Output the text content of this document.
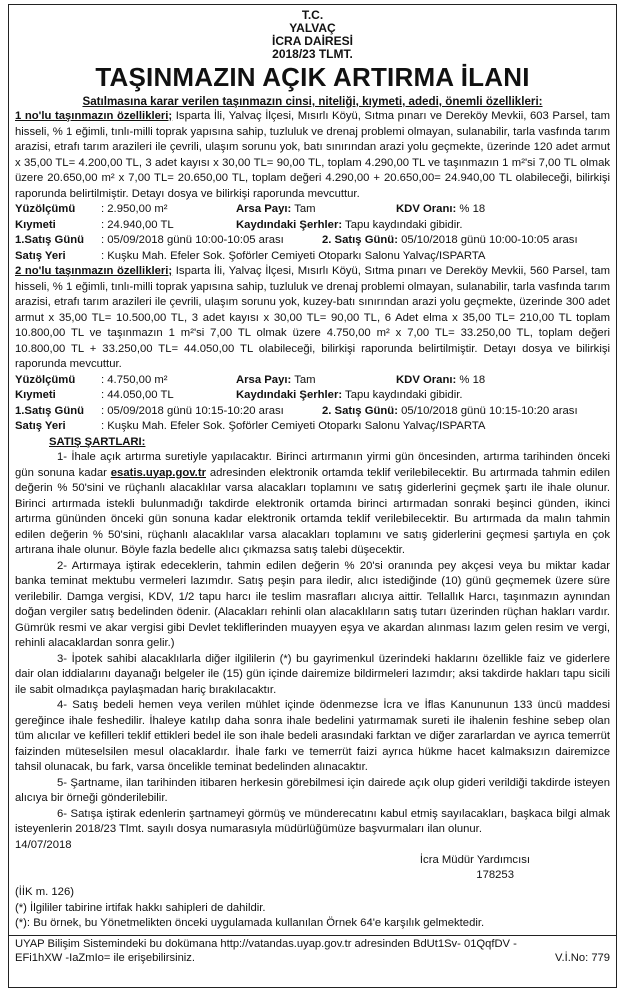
T.C.
YALVAÇ
İCRA DAİRESİ
2018/23 TLMT.
TAŞINMAZIN AÇIK ARTIRMA İLANI
Satılmasına karar verilen taşınmazın cinsi, niteliği, kıymeti, adedi, önemli özellikleri:

1 no'lu taşınmazın özellikleri; Isparta İli, Yalvaç İlçesi, Mısırlı Köyü, Sıtma pınarı ve Dereköy Mevkii, 603 Parsel, tam hisseli, % 1 eğimli, tınlı-milli toprak yapısına sahip, tuzluluk ve drenaj problemi olmayan, sulanabilir, tarla vasfında tarım arazisi, etrafı tarım arazileri ile çevrili, ulaşım sorunu yok, batı sınırından arazi yolu geçmekte, üzerinde 120 adet armut x 35,00 TL= 4.200,00 TL, 3 adet kayısı x 30,00 TL= 90,00 TL, toplam 4.290,00 TL ve taşınmazın 1 m²'si 7,00 TL olmak üzere 20.650,00 m² x 7,00 TL= 20.650,00 TL, toplam değeri 4.290,00 + 20.650,00= 24.940,00 TL olabileceği, bilirkişi raporunda belirtilmiştir. Detayı dosya ve bilirkişi raporunda mevcuttur.

Yüzölçümü	: 2.950,00 m²	Arsa Payı: Tam	KDV Oranı: % 18
Kıymeti	: 24.940,00 TL	Kaydındaki Şerhler: Tapu kaydındaki gibidir.
1.Satış Günü	: 05/09/2018 günü 10:00-10:05 arası	2. Satış Günü: 05/10/2018 günü 10:00-10:05 arası
Satış Yeri	: Kuşku Mah. Efeler Sok. Şoförler Cemiyeti Otoparkı Salonu Yalvaç/ISPARTA

2 no'lu taşınmazın özellikleri; Isparta İli, Yalvaç İlçesi, Mısırlı Köyü, Sıtma pınarı ve Dereköy Mevkii, 560 Parsel, tam hisseli, % 1 eğimli, tınlı-milli toprak yapısına sahip, tuzluluk ve drenaj problemi olmayan, sulanabilir, tarla vasfında tarım arazisi, etrafı tarım arazileri ile çevrili, ulaşım sorunu yok, kuzey-batı sınırından arazi yolu geçmekte, üzerinde 300 adet armut x 35,00 TL= 10.500,00 TL, 3 adet kayısı x 30,00 TL= 90,00 TL, 6 Adet elma x 35,00 TL= 210,00 TL toplam 10.800,00 TL ve taşınmazın 1 m²'si 7,00 TL olmak üzere 4.750,00 m² x 7,00 TL= 33.250,00 TL, toplam değeri 10.800,00 TL + 33.250,00 TL= 44.050,00 TL olabileceği, bilirkişi raporunda belirtilmiştir. Detayı dosya ve bilirkişi raporunda mevcuttur.

Yüzölçümü	: 4.750,00 m²	Arsa Payı: Tam	KDV Oranı: % 18
Kıymeti	: 44.050,00 TL	Kaydındaki Şerhler: Tapu kaydındaki gibidir.
1.Satış Günü	: 05/09/2018 günü 10:15-10:20 arası	2. Satış Günü: 05/10/2018 günü 10:15-10:20 arası
Satış Yeri	: Kuşku Mah. Efeler Sok. Şoförler Cemiyeti Otoparkı Salonu Yalvaç/ISPARTA
SATIŞ ŞARTLARI:

1- İhale açık artırma suretiyle yapılacaktır. Birinci artırmanın yirmi gün öncesinden, artırma tarihinden önceki gün sonuna kadar esatis.uyap.gov.tr adresinden elektronik ortamda teklif verilebilecektir. Bu artırmada tahmin edilen değerin % 50'sini ve rüçhanlı alacaklılar varsa alacakları toplamını ve satış giderlerini geçmek şartı ile ihale olunur. Birinci artırmada istekli bulunmadığı takdirde elektronik ortamda birinci artırmadan sonraki beşinci günden, ikinci artırma gününden önceki gün sonuna kadar elektronik ortamda teklif verilebilecektir. Bu artırmada da malın tahmin edilen değerin % 50'sini, rüçhanlı alacaklılar varsa alacakları toplamını ve satış giderlerini geçmesi şartıyla en çok artırana ihale olunur. Böyle fazla bedelle alıcı çıkmazsa satış talebi düşecektir.

2- Artırmaya iştirak edeceklerin, tahmin edilen değerin % 20'si oranında pey akçesi veya bu miktar kadar banka teminat mektubu vermeleri lazımdır. Satış peşin para iledir, alıcı istediğinde (10) günü geçmemek üzere süre verilebilir. Damga vergisi, KDV, 1/2 tapu harcı ile teslim masrafları alıcıya aittir. Tellallık Harcı, taşınmazın aynından doğan vergiler satış bedelinden ödenir. (Alacakları rehinli olan alacaklıların satış tutarı üzerinden rüçhan hakları vardır. Gümrük resmi ve akar vergisi gibi Devlet tekliflerinden muayyen eşya ve akardan alınması lazım gelen resim ve vergi, rehinli alacaklardan sonra gelir.)

3- İpotek sahibi alacaklılarla diğer ilgililerin (*) bu gayrimenkul üzerindeki haklarını özellikle faiz ve giderlere dair olan iddialarını dayanağı belgeler ile (15) gün içinde dairemize bildirmeleri lazımdır; aksi takdirde hakları tapu sicili ile sabit olmadıkça paylaşmadan hariç bırakılacaktır.

4- Satış bedeli hemen veya verilen mühlet içinde ödenmezse İcra ve İflas Kanununun 133 üncü maddesi gereğince ihale feshedilir. İhaleye katılıp daha sonra ihale bedelini yatırmamak sureti ile ihalenin feshine sebep olan tüm alıcılar ve kefilleri teklif ettikleri bedel ile son ihale bedeli arasındaki farktan ve diğer zararlardan ve ayrıca temerrüt faizinden müteselsilen mesul olacaklardır. İhale farkı ve temerrüt faizi ayrıca hükme hacet kalmaksızın dairemizce tahsil olunacak, bu fark, varsa öncelikle teminat bedelinden alınacaktır.

5- Şartname, ilan tarihinden itibaren herkesin görebilmesi için dairede açık olup gideri verildiği takdirde isteyen alıcıya bir örneği gönderilebilir.

6- Satışa iştirak edenlerin şartnameyi görmüş ve münderecatını kabul etmiş sayılacakları, başkaca bilgi almak isteyenlerin 2018/23 Tlmt. sayılı dosya numarasıyla müdürlüğümüze başvurmaları ilan olunur.

14/07/2018
İcra Müdür Yardımcısı
178253
(İİK m. 126)
(*) İlgililer tabirine irtifak hakkı sahipleri de dahildir.
(*): Bu örnek, bu Yönetmelikten önceki uygulamada kullanılan Örnek 64'e karşılık gelmektedir.
UYAP Bilişim Sistemindeki bu dokümana http://vatandas.uyap.gov.tr adresinden BdUt1Sv- 01QqfDV -
EFi1hXW -IaZmIo= ile erişebilirsiniz.	V.İ.No: 779
